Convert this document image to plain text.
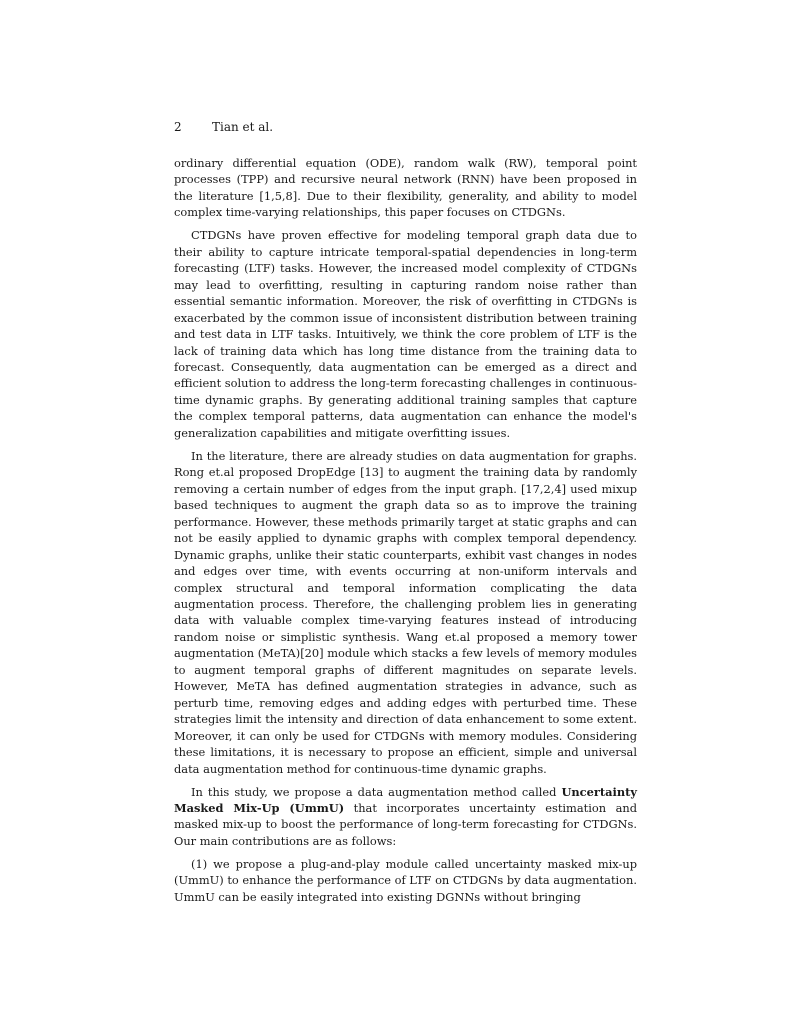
2	Tian et al.

ordinary differential equation (ODE), random walk (RW), temporal point processes (TPP) and recursive neural network (RNN) have been proposed in the literature [1,5,8]. Due to their flexibility, generality, and ability to model complex time-varying relationships, this paper focuses on CTDGNs.

CTDGNs have proven effective for modeling temporal graph data due to their ability to capture intricate temporal-spatial dependencies in long-term forecasting (LTF) tasks. However, the increased model complexity of CTDGNs may lead to overfitting, resulting in capturing random noise rather than essential semantic information. Moreover, the risk of overfitting in CTDGNs is exacerbated by the common issue of inconsistent distribution between training and test data in LTF tasks. Intuitively, we think the core problem of LTF is the lack of training data which has long time distance from the training data to forecast. Consequently, data augmentation can be emerged as a direct and efficient solution to address the long-term forecasting challenges in continuous-time dynamic graphs. By generating additional training samples that capture the complex temporal patterns, data augmentation can enhance the model's generalization capabilities and mitigate overfitting issues.

In the literature, there are already studies on data augmentation for graphs. Rong et.al proposed DropEdge [13] to augment the training data by randomly removing a certain number of edges from the input graph. [17,2,4] used mixup based techniques to augment the graph data so as to improve the training performance. However, these methods primarily target at static graphs and can not be easily applied to dynamic graphs with complex temporal dependency. Dynamic graphs, unlike their static counterparts, exhibit vast changes in nodes and edges over time, with events occurring at non-uniform intervals and complex structural and temporal information complicating the data augmentation process. Therefore, the challenging problem lies in generating data with valuable complex time-varying features instead of introducing random noise or simplistic synthesis. Wang et.al proposed a memory tower augmentation (MeTA)[20] module which stacks a few levels of memory modules to augment temporal graphs of different magnitudes on separate levels. However, MeTA has defined augmentation strategies in advance, such as perturb time, removing edges and adding edges with perturbed time. These strategies limit the intensity and direction of data enhancement to some extent. Moreover, it can only be used for CTDGNs with memory modules. Considering these limitations, it is necessary to propose an efficient, simple and universal data augmentation method for continuous-time dynamic graphs.

In this study, we propose a data augmentation method called Uncertainty Masked Mix-Up (UmmU) that incorporates uncertainty estimation and masked mix-up to boost the performance of long-term forecasting for CTDGNs. Our main contributions are as follows:

(1) we propose a plug-and-play module called uncertainty masked mix-up (UmmU) to enhance the performance of LTF on CTDGNs by data augmentation. UmmU can be easily integrated into existing DGNNs without bringing
